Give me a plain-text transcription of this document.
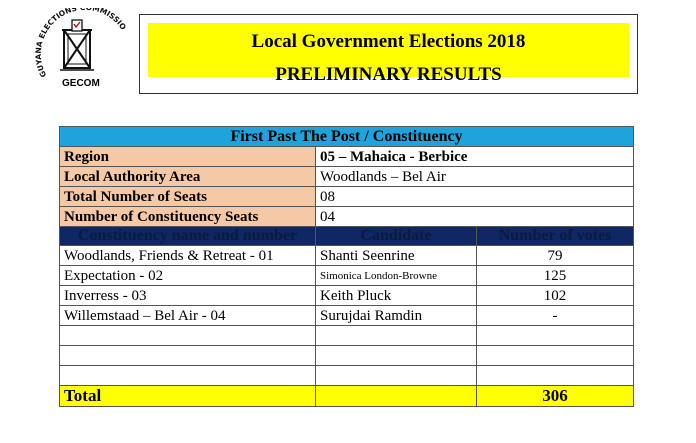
GUYANA ELECTIONS MMISSIO
GECOM
Local Government Elections 2018
PRELIMINARY RESULTS
First Past The Post / Constituency		
Region	05 – Mahaica - Berbice	
Local Authority Area	Woodlands – Bel Air	
Total Number of Seats	08	
Number of Constituency Seats	04	
Constituency name and number	Candidate	Number of votes
Woodlands, Friends & Retreat - 01	Shanti Seenrine	79
Expectation - 02	Simonica London-Browne	125
Inverress - 03	Keith Pluck	102
Willemstaad – Bel Air - 04	Surujdai Ramdin	-

Total		306
